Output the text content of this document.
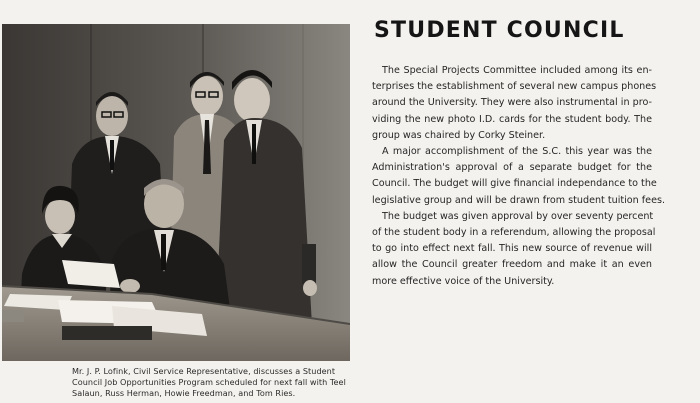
Mr. J. P. Lofink, Civil Service Representative, discusses a Student
Council Job Opportunities Program scheduled for next fall with Teel
Salaun, Russ Herman, Howie Freedman, and Tom Ries.
STUDENT COUNCIL
The Special Projects Committee included among its en-
terprises the establishment of several new campus phones
around the University. They were also instrumental in pro-
viding the new photo I.D. cards for the student body. The
group was chaired by Corky Steiner.
A major accomplishment of the S.C. this year was the
Administration's approval of a separate budget for the
Council. The budget will give financial independance to the
legislative group and will be drawn from student tuition fees.
The budget was given approval by over seventy percent
of the student body in a referendum, allowing the proposal
to go into effect next fall. This new source of revenue will
allow the Council greater freedom and make it an even
more effective voice of the University.
